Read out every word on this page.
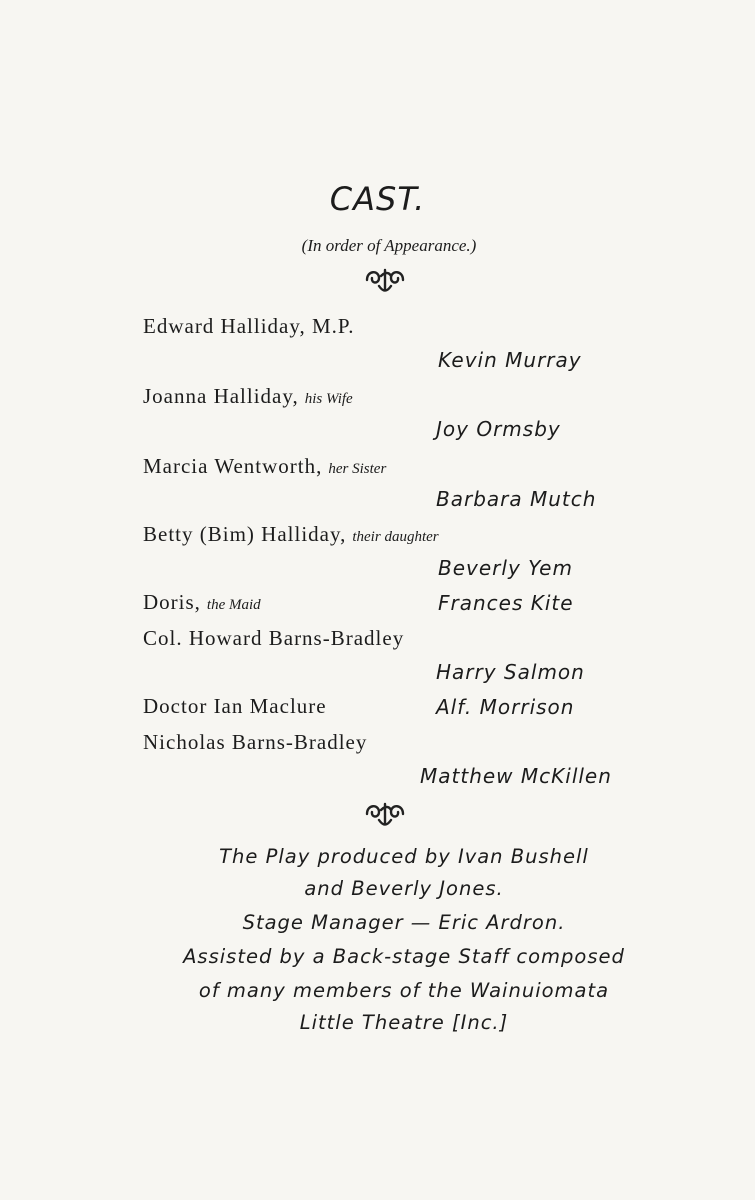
CAST.
(In order of Appearance.)
Edward Halliday, M.P.
Kevin Murray
Joanna Halliday, his Wife
Joy Ormsby
Marcia Wentworth, her Sister
Barbara Mutch
Betty (Bim) Halliday, their daughter
Beverly Yem
Doris, the Maid	Frances Kite
Col. Howard Barns-Bradley
Harry Salmon
Doctor Ian Maclure	Alf. Morrison
Nicholas Barns-Bradley
Matthew McKillen
The Play produced by Ivan Bushell
and Beverly Jones.
Stage Manager — Eric Ardron.
Assisted by a Back-stage Staff composed
of many members of the Wainuiomata
Little Theatre [Inc.]
